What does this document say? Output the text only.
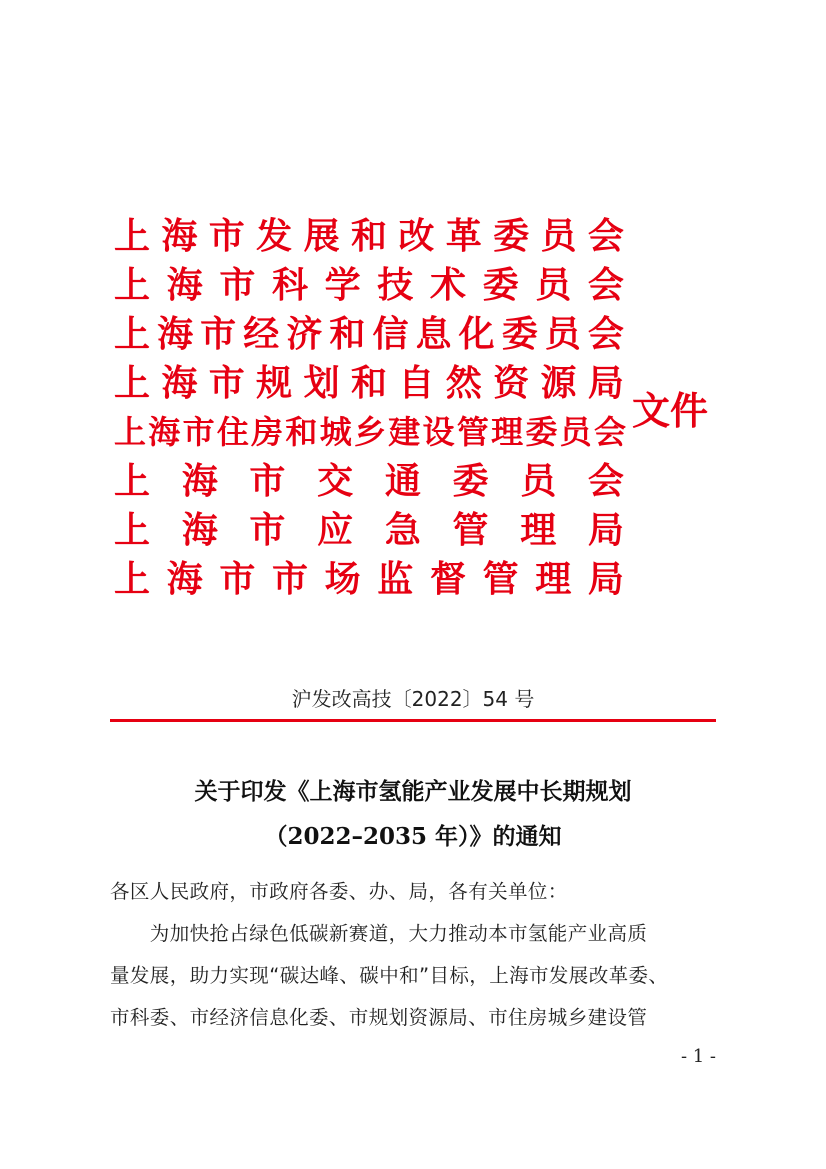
上 海 市 发 展 和 改 革 委 员 会
上 海 市 科 学 技 术 委 员 会
上 海 市 经 济 和 信 息 化 委 员 会
上 海 市 规 划 和 自 然 资 源 局
上 海 市 住 房 和 城 乡 建 设 管 理 委 员 会
上 海 市 交 通 委 员 会
上 海 市 应 急 管 理 局
上 海 市 市 场 监 督 管 理 局
文件
沪发改高技〔2022〕54 号
关于印发《上海市氢能产业发展中长期规划
（2022–2035 年）》的通知
各区人民政府，市政府各委、办、局，各有关单位：
　　为加快抢占绿色低碳新赛道，大力推动本市氢能产业高质
量发展，助力实现“碳达峰、碳中和”目标，上海市发展改革委、
市科委、市经济信息化委、市规划资源局、市住房城乡建设管
- 1 -
